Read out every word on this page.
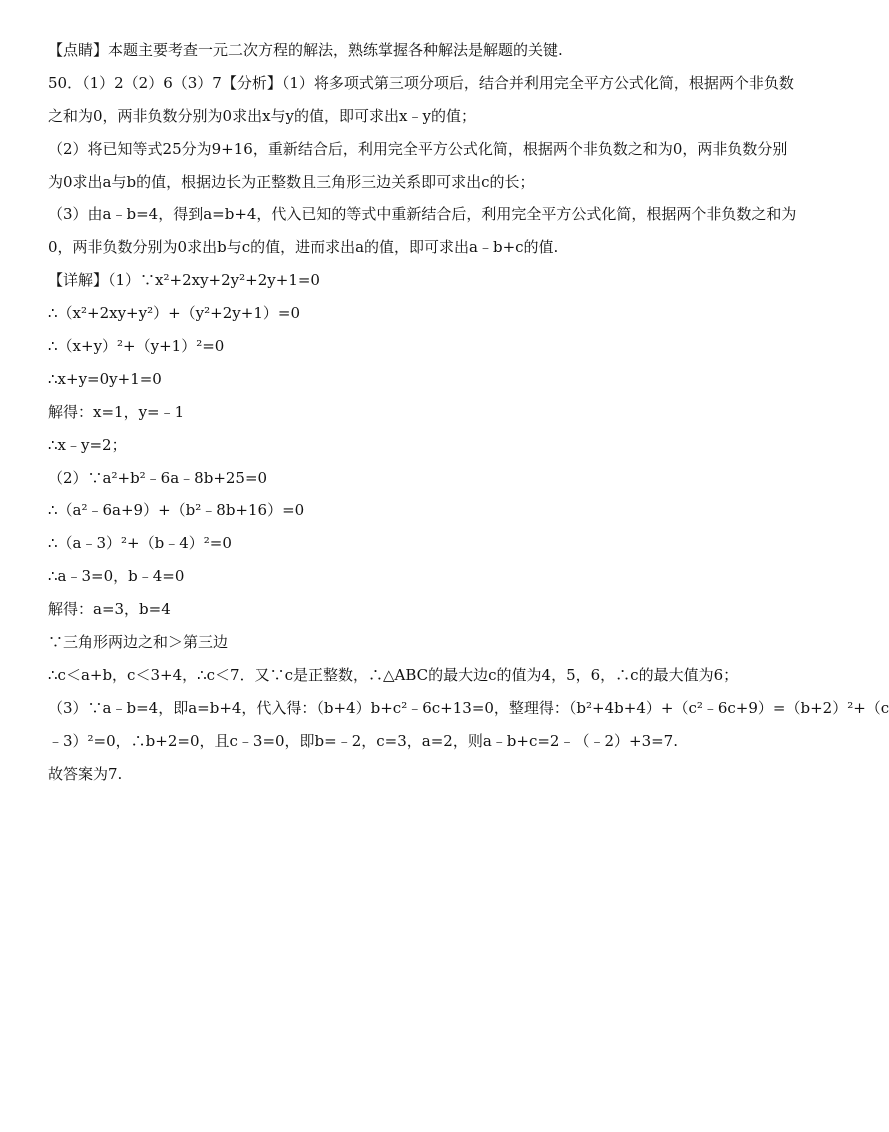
【点睛】本题主要考查一元二次方程的解法，熟练掌握各种解法是解题的关键.
50．（1）2（2）6（3）7【分析】（1）将多项式第三项分项后，结合并利用完全平方公式化简，根据两个非负数
之和为0，两非负数分别为0求出x与y的值，即可求出x﹣y的值；
（2）将已知等式25分为9+16，重新结合后，利用完全平方公式化简，根据两个非负数之和为0，两非负数分别
为0求出a与b的值，根据边长为正整数且三角形三边关系即可求出c的长；
（3）由a﹣b=4，得到a=b+4，代入已知的等式中重新结合后，利用完全平方公式化简，根据两个非负数之和为
0，两非负数分别为0求出b与c的值，进而求出a的值，即可求出a﹣b+c的值.
【详解】（1）∵x²+2xy+2y²+2y+1=0
∴（x²+2xy+y²）+（y²+2y+1）=0
∴（x+y）²+（y+1）²=0
∴x+y=0y+1=0
解得：x=1，y=﹣1
∴x﹣y=2；
（2）∵a²+b²﹣6a﹣8b+25=0
∴（a²﹣6a+9）+（b²﹣8b+16）=0
∴（a﹣3）²+（b﹣4）²=0
∴a﹣3=0，b﹣4=0
解得：a=3，b=4
∵三角形两边之和＞第三边
∴c＜a+b，c＜3+4，∴c＜7．又∵c是正整数，∴△ABC的最大边c的值为4，5，6，∴c的最大值为6；
（3）∵a﹣b=4，即a=b+4，代入得：（b+4）b+c²﹣6c+13=0，整理得：（b²+4b+4）+（c²﹣6c+9）=（b+2）²+（c
﹣3）²=0，∴b+2=0，且c﹣3=0，即b=﹣2，c=3，a=2，则a﹣b+c=2﹣（﹣2）+3=7.
故答案为7.
